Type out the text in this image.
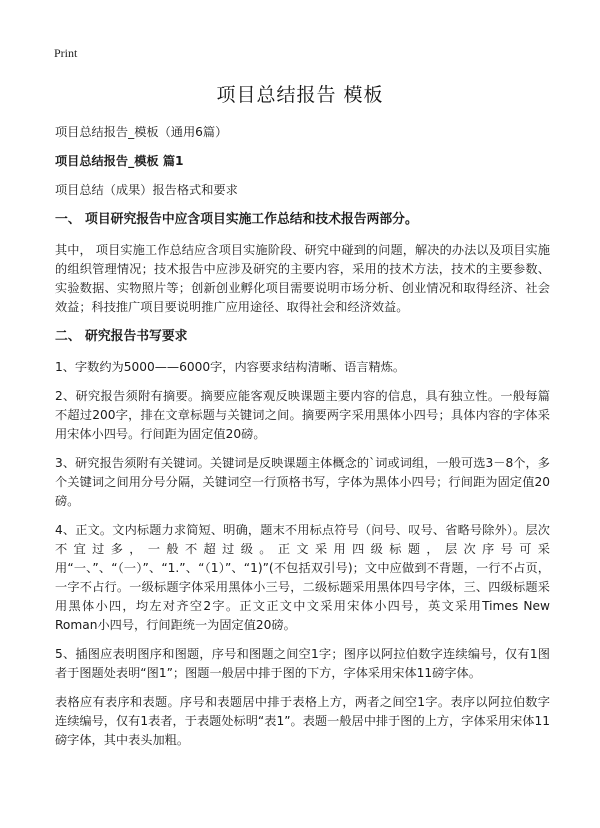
Print
项目总结报告 模板

项目总结报告_模板（通用6篇）

项目总结报告_模板 篇1

项目总结（成果）报告格式和要求

一、 项目研究报告中应含项目实施工作总结和技术报告两部分。

其中， 项目实施工作总结应含项目实施阶段、研究中碰到的问题，解决的办法以及项目实施的组织管理情况；技术报告中应涉及研究的主要内容，采用的技术方法，技术的主要参数、实验数据、实物照片等；创新创业孵化项目需要说明市场分析、创业情况和取得经济、社会效益；科技推广项目要说明推广应用途径、取得社会和经济效益。

二、 研究报告书写要求

1、字数约为5000——6000字，内容要求结构清晰、语言精炼。

2、研究报告须附有摘要。摘要应能客观反映课题主要内容的信息，具有独立性。一般每篇不超过200字，排在文章标题与关键词之间。摘要两字采用黑体小四号；具体内容的字体采用宋体小四号。行间距为固定值20磅。

3、研究报告须附有关键词。关键词是反映课题主体概念的`词或词组，一般可选3－8个，多个关键词之间用分号分隔，关键词空一行顶格书写，字体为黑体小四号；行间距为固定值20磅。

4、正文。文内标题力求简短、明确，题末不用标点符号（问号、叹号、省略号除外）。层次不宜过多，一般不超过级。正文采用四级标题，层次序号可采用“一、”、“（一）”、“1.”、“（1）”、“1)”(不包括双引号)；文中应做到不背题，一行不占页，一字不占行。一级标题字体采用黑体小三号，二级标题采用黑体四号字体，三、四级标题采用黑体小四，均左对齐空2字。正文正文中文采用宋体小四号，英文采用Times New Roman小四号，行间距统一为固定值20磅。

5、插图应表明图序和图题，序号和图题之间空1字；图序以阿拉伯数字连续编号，仅有1图者于图题处表明“图1”；图题一般居中排于图的下方，字体采用宋体11磅字体。

表格应有表序和表题。序号和表题居中排于表格上方，两者之间空1字。表序以阿拉伯数字连续编号，仅有1表者，于表题处标明“表1”。表题一般居中排于图的上方，字体采用宋体11磅字体，其中表头加粗。
